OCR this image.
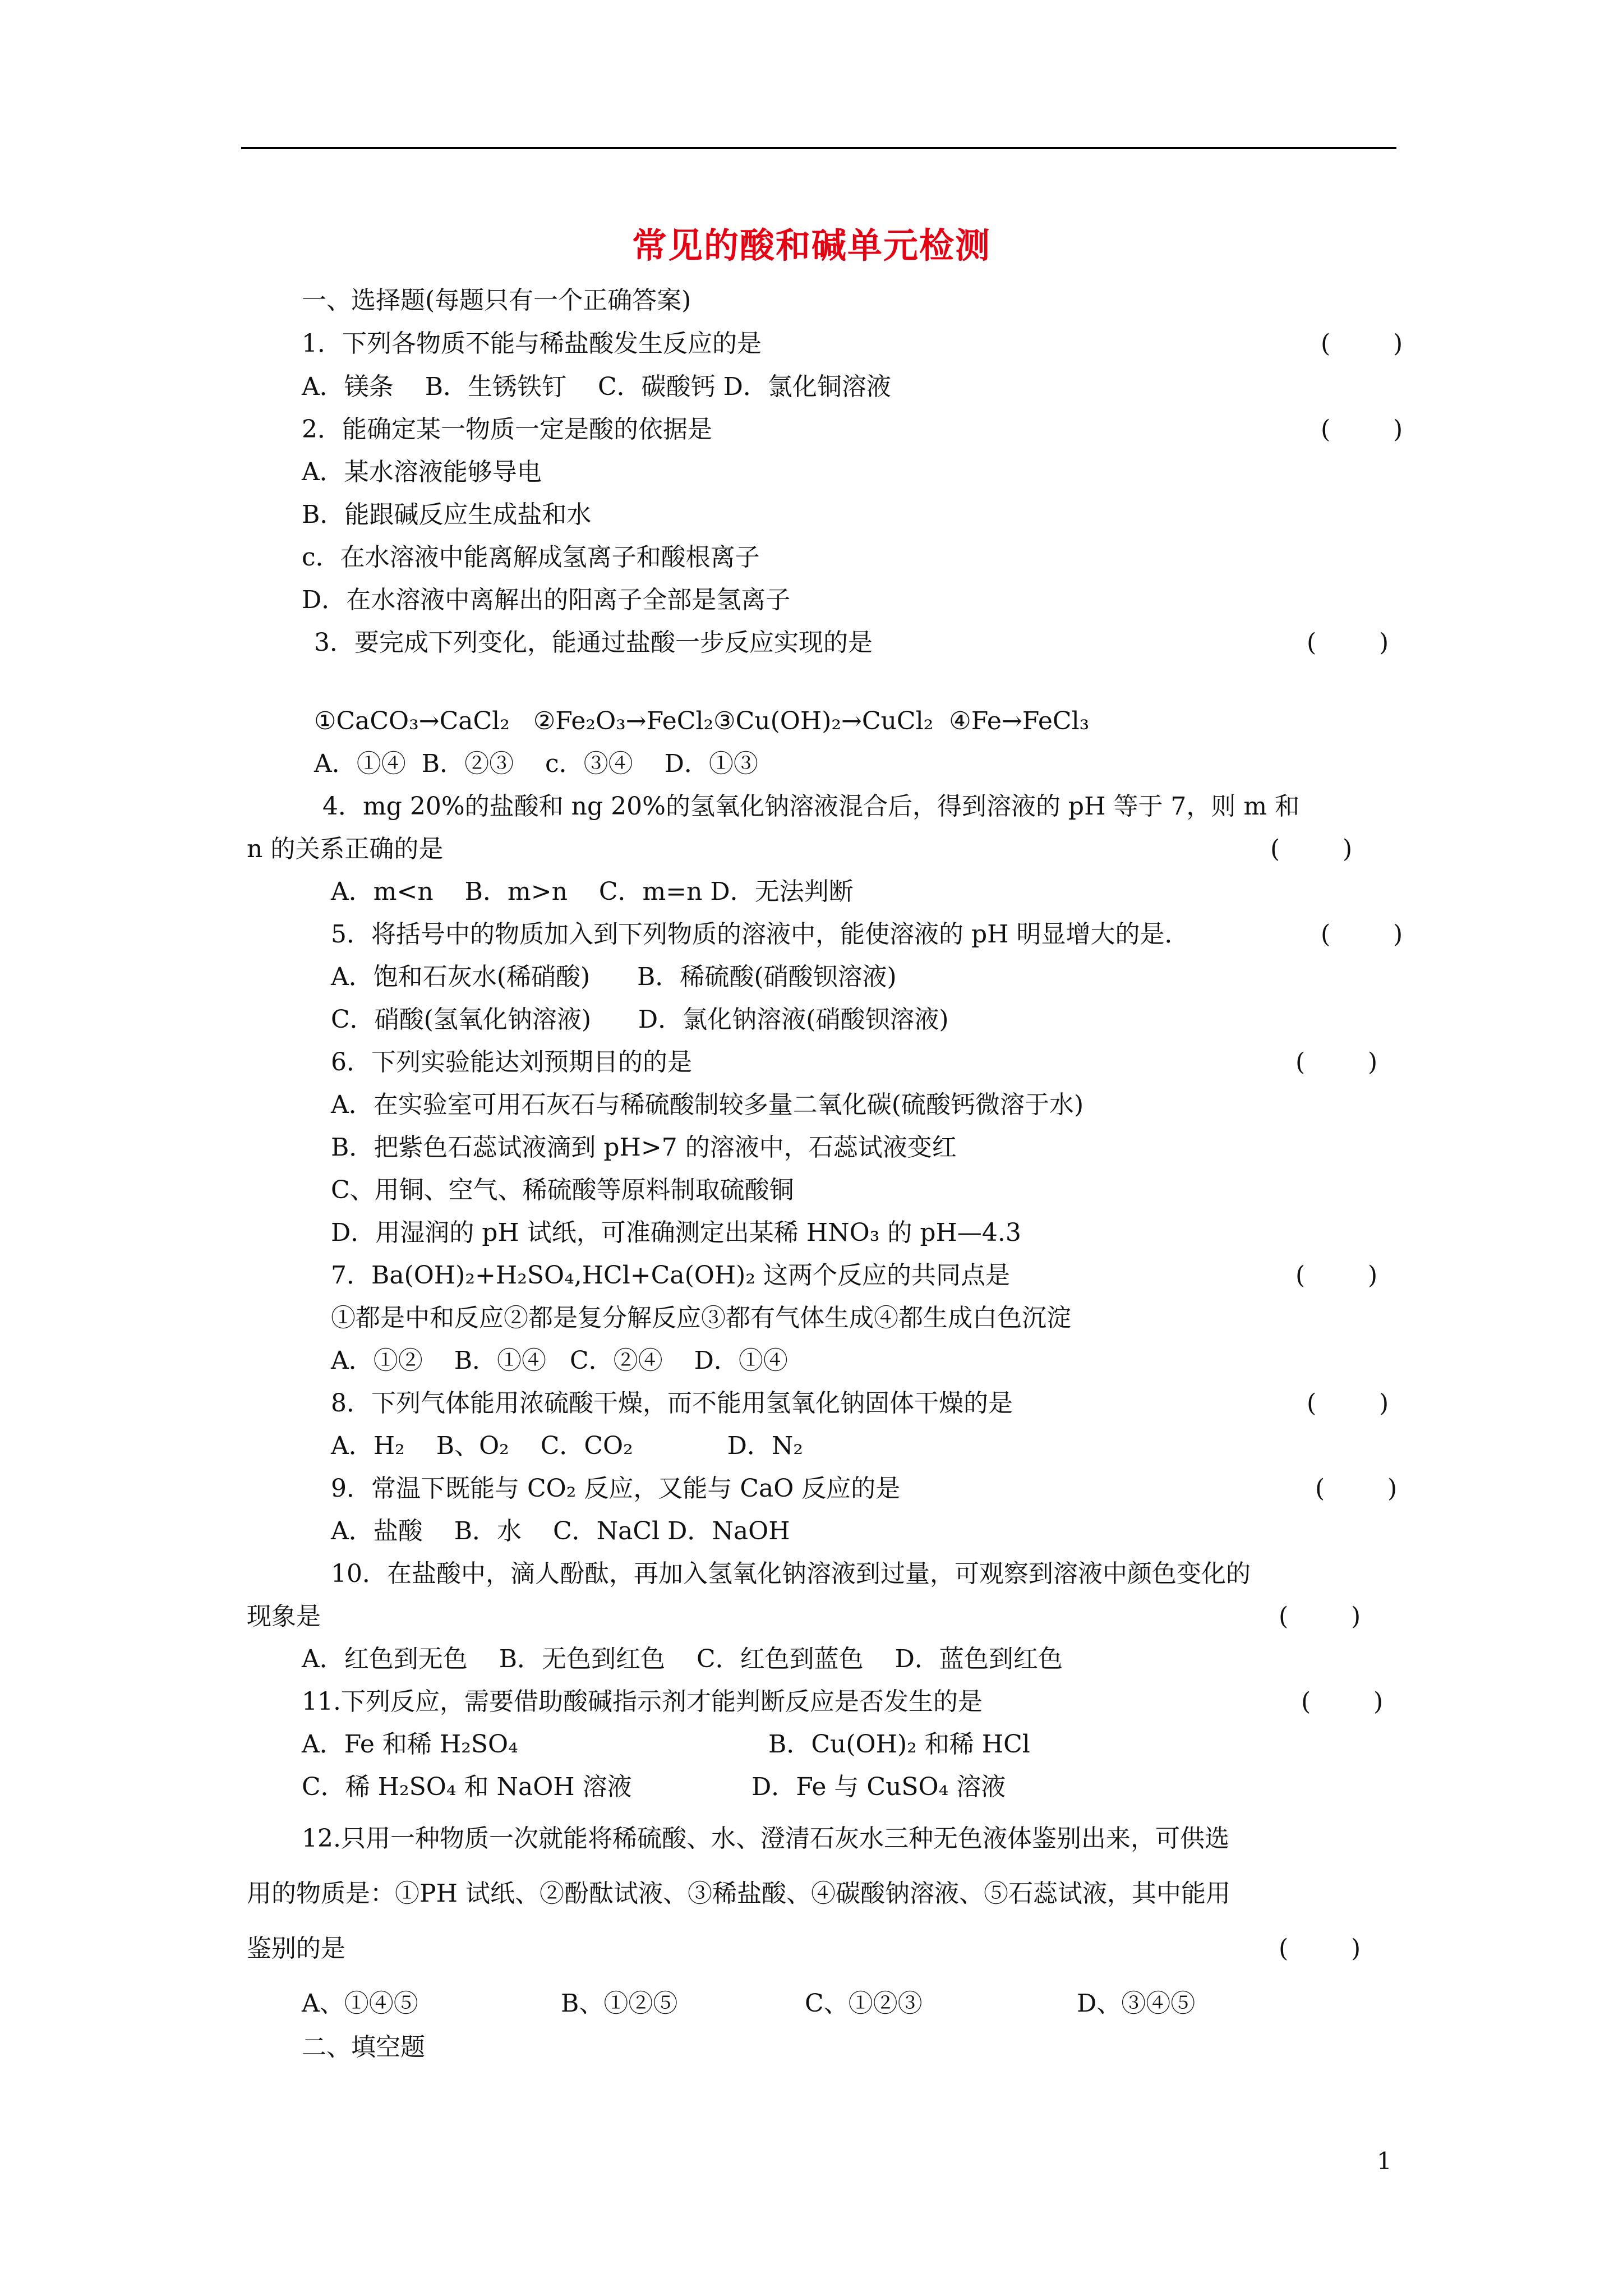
常见的酸和碱单元检测
一、选择题(每题只有一个正确答案)
1．下列各物质不能与稀盐酸发生反应的是	(        )
A．镁条    B．生锈铁钉    C．碳酸钙 D．氯化铜溶液
2．能确定某一物质一定是酸的依据是	(        )
A．某水溶液能够导电
B．能跟碱反应生成盐和水
c．在水溶液中能离解成氢离子和酸根离子
D．在水溶液中离解出的阳离子全部是氢离子
3．要完成下列变化，能通过盐酸一步反应实现的是	(        )
①CaCO₃→CaCl₂   ②Fe₂O₃→FeCl₂③Cu(OH)₂→CuCl₂  ④Fe→FeCl₃
A．①④  B．②③    c．③④    D．①③
4．mg 20%的盐酸和 ng 20%的氢氧化钠溶液混合后，得到溶液的 pH 等于 7，则 m 和
n 的关系正确的是	(        )
A．m<n    B．m>n    C．m=n D．无法判断
5．将括号中的物质加入到下列物质的溶液中，能使溶液的 pH 明显增大的是．	(        )
A．饱和石灰水(稀硝酸)      B．稀硫酸(硝酸钡溶液)
C．硝酸(氢氧化钠溶液)      D．氯化钠溶液(硝酸钡溶液)
6．下列实验能达刘预期目的的是	(        )
A．在实验室可用石灰石与稀硫酸制较多量二氧化碳(硫酸钙微溶于水)
B．把紫色石蕊试液滴到 pH>7 的溶液中，石蕊试液变红
C、用铜、空气、稀硫酸等原料制取硫酸铜
D．用湿润的 pH 试纸，可准确测定出某稀 HNO₃ 的 pH—4.3
7．Ba(OH)₂+H₂SO₄,HCl+Ca(OH)₂ 这两个反应的共同点是	(        )
①都是中和反应②都是复分解反应③都有气体生成④都生成白色沉淀
A．①②    B．①④   C．②④    D．①④
8．下列气体能用浓硫酸干燥，而不能用氢氧化钠固体干燥的是	(        )
A．H₂    B、O₂    C．CO₂            D．N₂
9．常温下既能与 CO₂ 反应，又能与 CaO 反应的是	(        )
A．盐酸    B．水    C．NaCl D．NaOH
10．在盐酸中，滴人酚酞，再加入氢氧化钠溶液到过量，可观察到溶液中颜色变化的
现象是	(        )
A．红色到无色    B．无色到红色    C．红色到蓝色    D．蓝色到红色
11.下列反应，需要借助酸碱指示剂才能判断反应是否发生的是	(        )
A．Fe 和稀 H₂SO₄	B．Cu(OH)₂ 和稀 HCl
C．稀 H₂SO₄ 和 NaOH 溶液	D．Fe 与 CuSO₄ 溶液
12.只用一种物质一次就能将稀硫酸、水、澄清石灰水三种无色液体鉴别出来，可供选
用的物质是：①PH 试纸、②酚酞试液、③稀盐酸、④碳酸钠溶液、⑤石蕊试液，其中能用
鉴别的是	(        )
A、①④⑤	B、①②⑤	C、①②③	D、③④⑤
二、填空题
1
